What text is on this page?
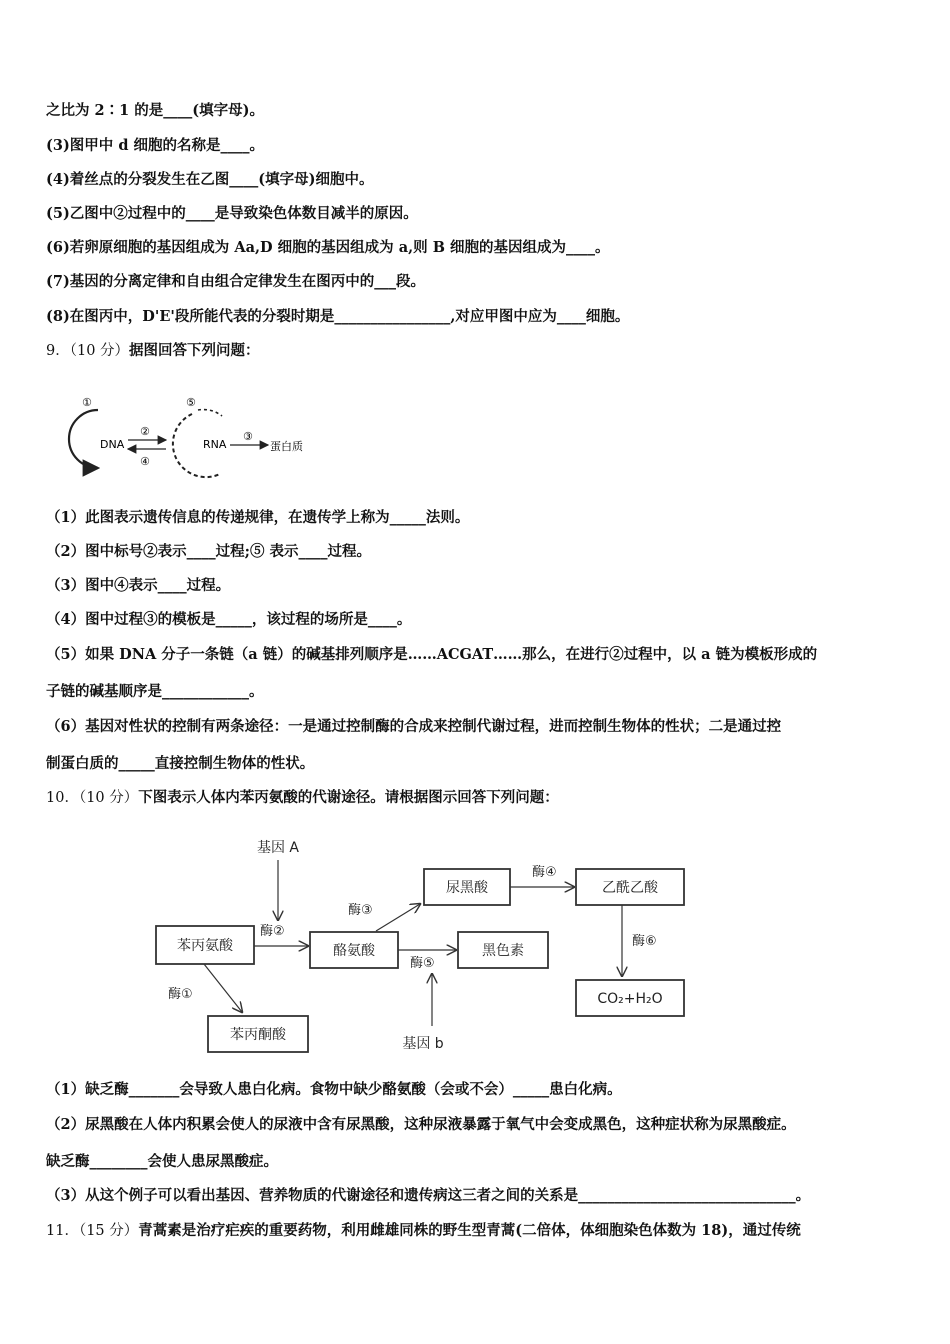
之比为 2∶1 的是____(填字母)。
(3)图甲中 d 细胞的名称是____。
(4)着丝点的分裂发生在乙图____(填字母)细胞中。
(5)乙图中②过程中的____是导致染色体数目减半的原因。
(6)若卵原细胞的基因组成为 Aa,D 细胞的基因组成为 a,则 B 细胞的基因组成为____。
(7)基因的分离定律和自由组合定律发生在图丙中的___段。
(8)在图丙中，D'E'段所能代表的分裂时期是________________,对应甲图中应为____细胞。
9．（10 分）据图回答下列问题：
①
DNA
②
④
⑤
RNA
③
蛋白质
（1）此图表示遗传信息的传递规律，在遗传学上称为_____法则。
（2）图中标号②表示____过程;⑤ 表示____过程。
（3）图中④表示____过程。
（4）图中过程③的模板是_____，该过程的场所是____。
（5）如果 DNA 分子一条链（a 链）的碱基排列顺序是……ACGAT……那么，在进行②过程中，以 a 链为模板形成的
子链的碱基顺序是____________。
（6）基因对性状的控制有两条途径：一是通过控制酶的合成来控制代谢过程，进而控制生物体的性状；二是通过控
制蛋白质的_____直接控制生物体的性状。
10．（10 分）下图表示人体内苯丙氨酸的代谢途径。请根据图示回答下列问题：
苯丙氨酸	酪氨酸
尿黑酸
黑色素
乙酰乙酸
CO₂+H₂O
苯丙酮酸
基因 A
基因 b
酶②
酶③
酶④
酶⑤
酶⑥
酶①
（1）缺乏酶_______会导致人患白化病。食物中缺少酪氨酸（会或不会）_____患白化病。
（2）尿黑酸在人体内积累会使人的尿液中含有尿黑酸，这种尿液暴露于氧气中会变成黑色，这种症状称为尿黑酸症。
缺乏酶________会使人患尿黑酸症。
（3）从这个例子可以看出基因、营养物质的代谢途径和遗传病这三者之间的关系是______________________________。
11．（15 分）青蒿素是治疗疟疾的重要药物，利用雌雄同株的野生型青蒿(二倍体，体细胞染色体数为 18)，通过传统
